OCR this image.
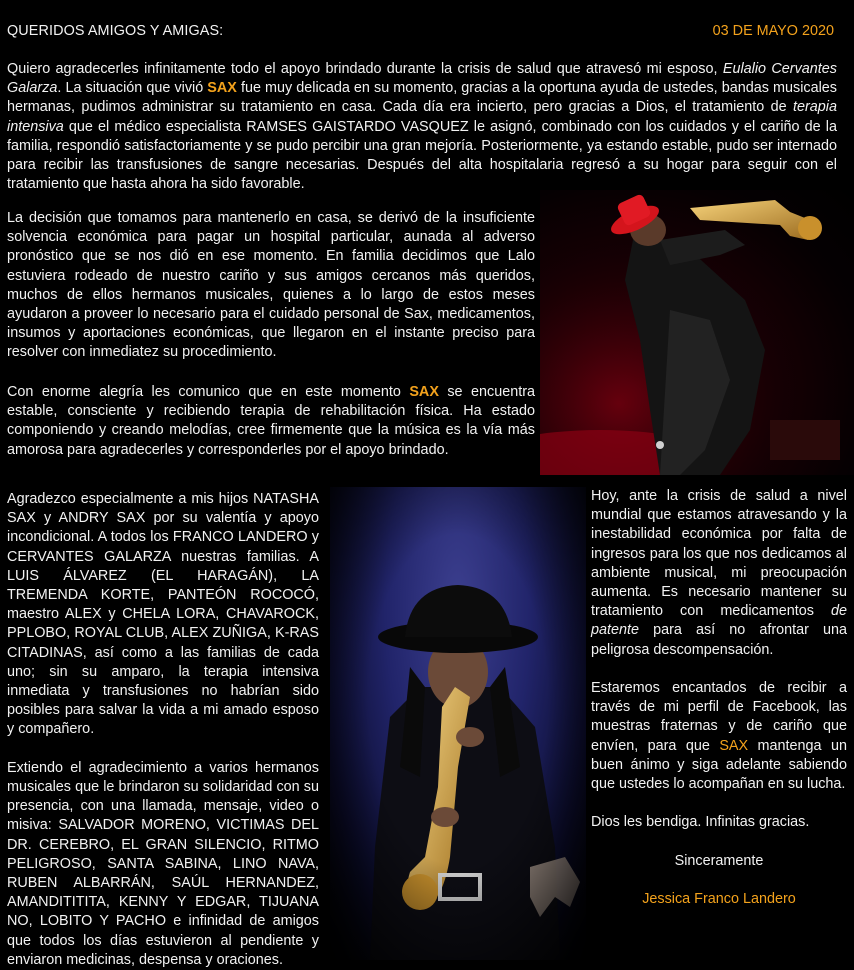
QUERIDOS AMIGOS Y AMIGAS:	03 DE MAYO 2020

Quiero agradecerles infinitamente todo el apoyo brindado durante la crisis de salud que atravesó mi esposo, Eulalio Cervantes Galarza. La situación que vivió SAX fue muy delicada en su momento, gracias a la oportuna ayuda de ustedes, bandas musicales hermanas, pudimos administrar su tratamiento en casa. Cada día era incierto, pero gracias a Dios, el tratamiento de terapia intensiva que el médico especialista RAMSES GAISTARDO VASQUEZ le asignó, combinado con los cuidados y el cariño de la familia, respondió satisfactoriamente y se pudo percibir una gran mejoría. Posteriormente, ya estando estable, pudo ser internado para recibir las transfusiones de sangre necesarias. Después del alta hospitalaria regresó a su hogar para seguir con el tratamiento que hasta ahora ha sido favorable.

La decisión que tomamos para mantenerlo en casa, se derivó de la insuficiente solvencia económica para pagar un hospital particular, aunada al adverso pronóstico que se nos dió en ese momento. En familia decidimos que Lalo estuviera rodeado de nuestro cariño y sus amigos cercanos más queridos, muchos de ellos hermanos musicales, quienes a lo largo de estos meses ayudaron a proveer lo necesario para el cuidado personal de Sax, medicamentos, insumos y aportaciones económicas, que llegaron en el instante preciso para resolver con inmediatez su procedimiento.

Con enorme alegría les comunico que en este momento SAX se encuentra estable, consciente y recibiendo terapia de rehabilitación física. Ha estado componiendo y creando melodías, cree firmemente que la música es la vía más amorosa para agradecerles y corresponderles por el apoyo brindado.

Agradezco especialmente a mis hijos NATASHA SAX y ANDRY SAX por su valentía y apoyo incondicional. A todos los FRANCO LANDERO y CERVANTES GALARZA nuestras familias. A LUIS ÁLVAREZ (EL HARAGÁN), LA TREMENDA KORTE, PANTEÓN ROCOCÓ, maestro ALEX y CHELA LORA, CHAVAROCK, PPLOBO, ROYAL CLUB, ALEX ZUÑIGA, K-RAS CITADINAS, así como a las familias de cada uno; sin su amparo, la terapia intensiva inmediata y transfusiones no habrían sido posibles para salvar la vida a mi amado esposo y compañero.

Extiendo el agradecimiento a varios hermanos musicales que le brindaron su solidaridad con su presencia, con una llamada, mensaje, video o misiva: SALVADOR MORENO, VICTIMAS DEL DR. CEREBRO, EL GRAN SILENCIO, RITMO PELIGROSO, SANTA SABINA, LINO NAVA, RUBEN ALBARRÁN, SAÚL HERNANDEZ, AMANDITITITA, KENNY Y EDGAR, TIJUANA NO, LOBITO Y PACHO e infinidad de amigos que todos los días estuvieron al pendiente y enviaron medicinas, despensa y oraciones.

Hoy, ante la crisis de salud a nivel mundial que estamos atravesando y la inestabilidad económica por falta de ingresos para los que nos dedicamos al ambiente musical, mi preocupación aumenta. Es necesario mantener su tratamiento con medicamentos de patente para así no afrontar una peligrosa descompensación.

Estaremos encantados de recibir a través de mi perfil de Facebook, las muestras fraternas y de cariño que envíen, para que SAX mantenga un buen ánimo y siga adelante sabiendo que ustedes lo acompañan en su lucha.

Dios les bendiga. Infinitas gracias.

Sinceramente

Jessica Franco Landero
